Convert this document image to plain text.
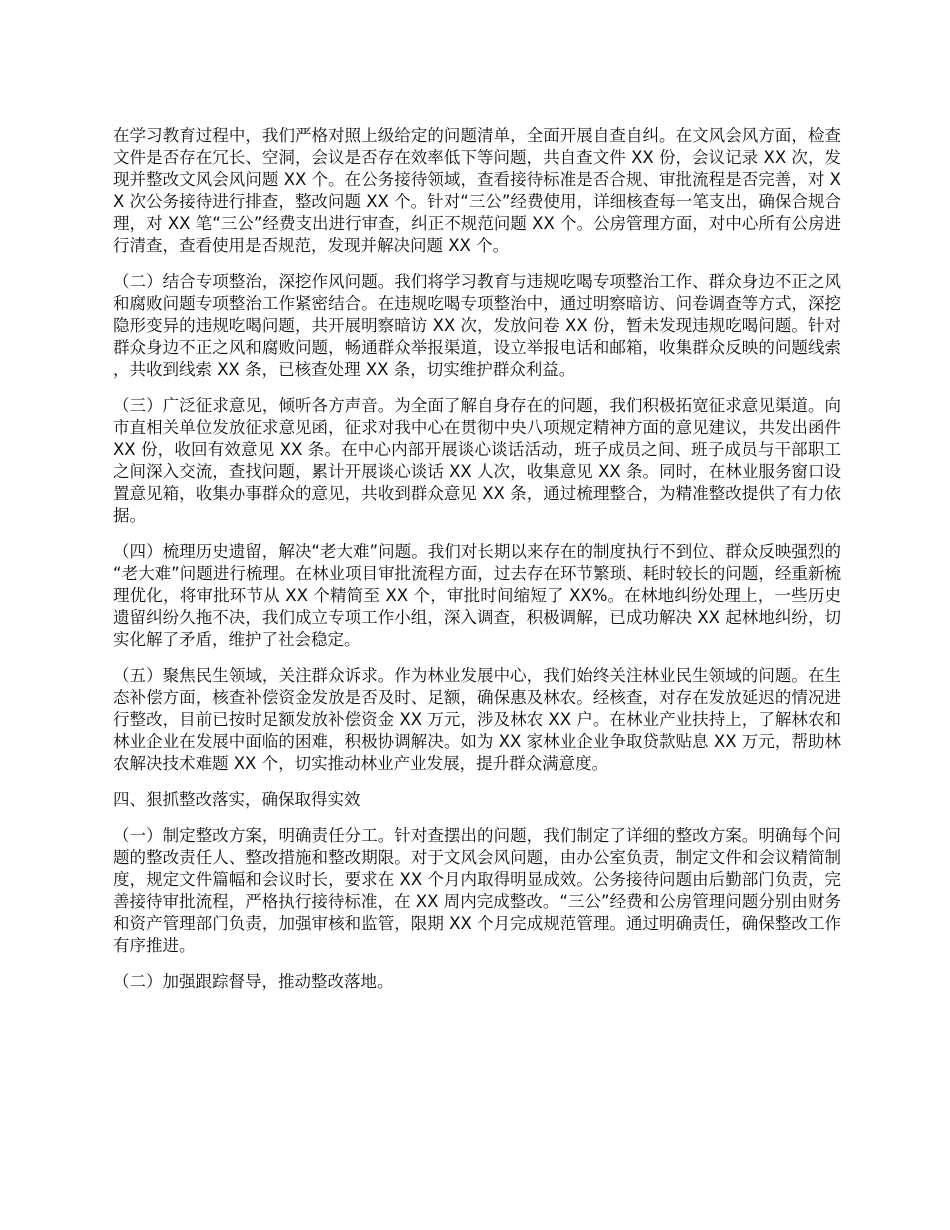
在学习教育过程中，我们严格对照上级给定的问题清单，全面开展自查自纠。在文风会风方面，检查文件是否存在冗长、空洞，会议是否存在效率低下等问题，共自查文件 XX 份，会议记录 XX 次，发现并整改文风会风问题 XX 个。在公务接待领域，查看接待标准是否合规、审批流程是否完善，对 XX 次公务接待进行排查，整改问题 XX 个。针对“三公”经费使用，详细核查每一笔支出，确保合规合理，对 XX 笔“三公”经费支出进行审查，纠正不规范问题 XX 个。公房管理方面，对中心所有公房进行清查，查看使用是否规范，发现并解决问题 XX 个。

（二）结合专项整治，深挖作风问题。我们将学习教育与违规吃喝专项整治工作、群众身边不正之风和腐败问题专项整治工作紧密结合。在违规吃喝专项整治中，通过明察暗访、问卷调查等方式，深挖隐形变异的违规吃喝问题，共开展明察暗访 XX 次，发放问卷 XX 份，暂未发现违规吃喝问题。针对群众身边不正之风和腐败问题，畅通群众举报渠道，设立举报电话和邮箱，收集群众反映的问题线索，共收到线索 XX 条，已核查处理 XX 条，切实维护群众利益。

（三）广泛征求意见，倾听各方声音。为全面了解自身存在的问题，我们积极拓宽征求意见渠道。向市直相关单位发放征求意见函，征求对我中心在贯彻中央八项规定精神方面的意见建议，共发出函件 XX 份，收回有效意见 XX 条。在中心内部开展谈心谈话活动，班子成员之间、班子成员与干部职工之间深入交流，查找问题，累计开展谈心谈话 XX 人次，收集意见 XX 条。同时，在林业服务窗口设置意见箱，收集办事群众的意见，共收到群众意见 XX 条，通过梳理整合，为精准整改提供了有力依据。

（四）梳理历史遗留，解决“老大难”问题。我们对长期以来存在的制度执行不到位、群众反映强烈的“老大难”问题进行梳理。在林业项目审批流程方面，过去存在环节繁琐、耗时较长的问题，经重新梳理优化，将审批环节从 XX 个精简至 XX 个，审批时间缩短了 XX%。在林地纠纷处理上，一些历史遗留纠纷久拖不决，我们成立专项工作小组，深入调查，积极调解，已成功解决 XX 起林地纠纷，切实化解了矛盾，维护了社会稳定。

（五）聚焦民生领域，关注群众诉求。作为林业发展中心，我们始终关注林业民生领域的问题。在生态补偿方面，核查补偿资金发放是否及时、足额，确保惠及林农。经核查，对存在发放延迟的情况进行整改，目前已按时足额发放补偿资金 XX 万元，涉及林农 XX 户。在林业产业扶持上，了解林农和林业企业在发展中面临的困难，积极协调解决。如为 XX 家林业企业争取贷款贴息 XX 万元，帮助林农解决技术难题 XX 个，切实推动林业产业发展，提升群众满意度。

四、狠抓整改落实，确保取得实效

（一）制定整改方案，明确责任分工。针对查摆出的问题，我们制定了详细的整改方案。明确每个问题的整改责任人、整改措施和整改期限。对于文风会风问题，由办公室负责，制定文件和会议精简制度，规定文件篇幅和会议时长，要求在 XX 个月内取得明显成效。公务接待问题由后勤部门负责，完善接待审批流程，严格执行接待标准，在 XX 周内完成整改。“三公”经费和公房管理问题分别由财务和资产管理部门负责，加强审核和监管，限期 XX 个月完成规范管理。通过明确责任，确保整改工作有序推进。

（二）加强跟踪督导，推动整改落地。
